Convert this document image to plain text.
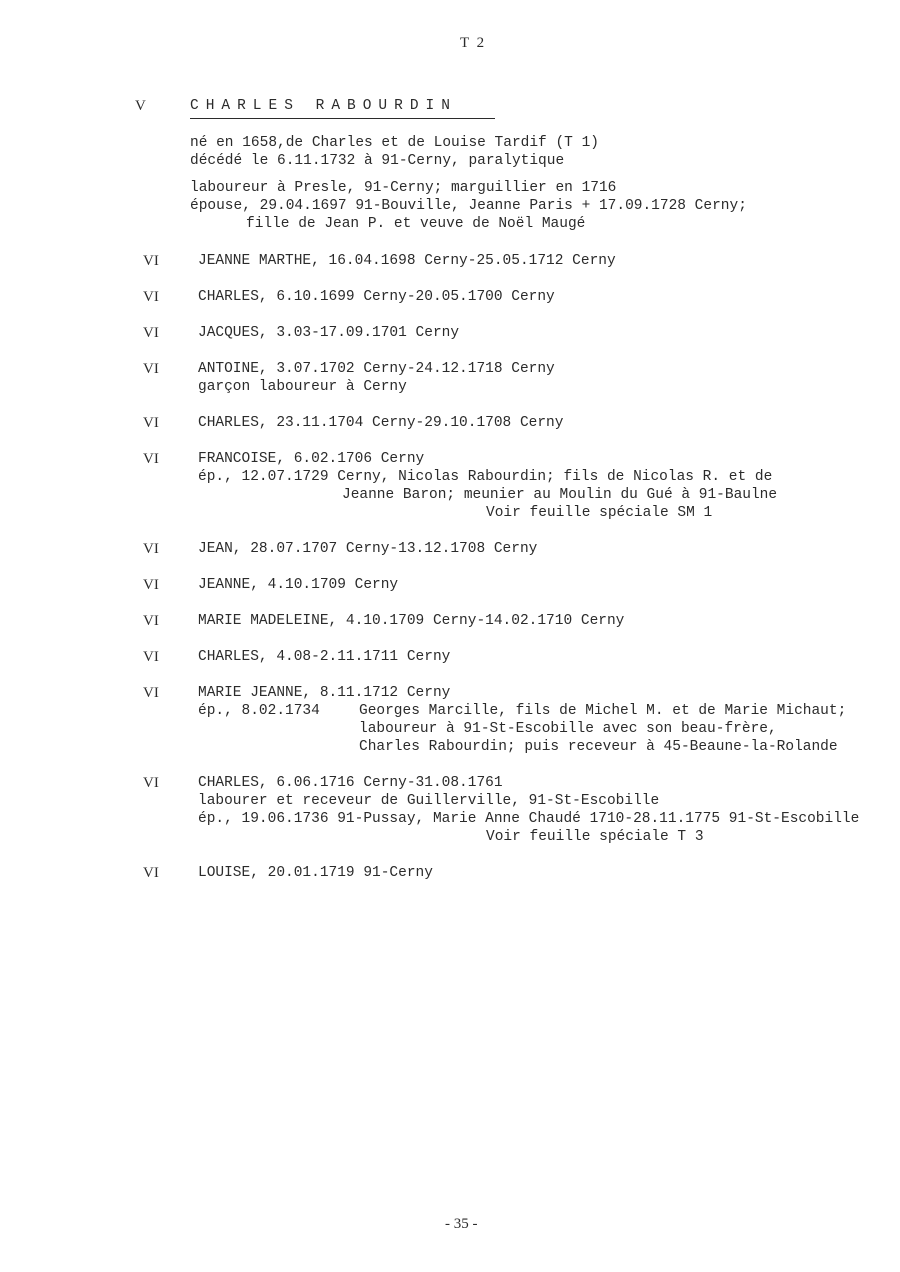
T 2
V	CHARLES RABOURDIN
né en 1658,de Charles et de Louise Tardif (T 1)
décédé le 6.11.1732 à 91-Cerny, paralytique
laboureur à Presle, 91-Cerny; marguillier en 1716
épouse, 29.04.1697 91-Bouville, Jeanne Paris + 17.09.1728 Cerny;
fille de Jean P. et veuve de Noël Maugé
VI	JEANNE MARTHE, 16.04.1698 Cerny-25.05.1712 Cerny
VI	CHARLES, 6.10.1699 Cerny-20.05.1700 Cerny
VI	JACQUES, 3.03-17.09.1701 Cerny
VI	ANTOINE, 3.07.1702 Cerny-24.12.1718 Cerny
garçon laboureur à Cerny
VI	CHARLES, 23.11.1704 Cerny-29.10.1708 Cerny
VI	FRANCOISE, 6.02.1706 Cerny
ép., 12.07.1729 Cerny, Nicolas Rabourdin; fils de Nicolas R. et de
Jeanne Baron; meunier au Moulin du Gué à 91-Baulne
Voir feuille spéciale SM 1
VI	JEAN, 28.07.1707 Cerny-13.12.1708 Cerny
VI	JEANNE, 4.10.1709 Cerny
VI	MARIE MADELEINE, 4.10.1709 Cerny-14.02.1710 Cerny
VI	CHARLES, 4.08-2.11.1711 Cerny
VI	MARIE JEANNE, 8.11.1712 Cerny
ép., 8.02.1734	Georges Marcille, fils de Michel M. et de Marie Michaut;
laboureur à 91-St-Escobille avec son beau-frère,
Charles Rabourdin; puis receveur à 45-Beaune-la-Rolande
VI	CHARLES, 6.06.1716 Cerny-31.08.1761
labourer et receveur de Guillerville, 91-St-Escobille
ép., 19.06.1736 91-Pussay, Marie Anne Chaudé 1710-28.11.1775 91-St-Escobille
Voir feuille spéciale T 3
VI	LOUISE, 20.01.1719 91-Cerny
- 35 -
